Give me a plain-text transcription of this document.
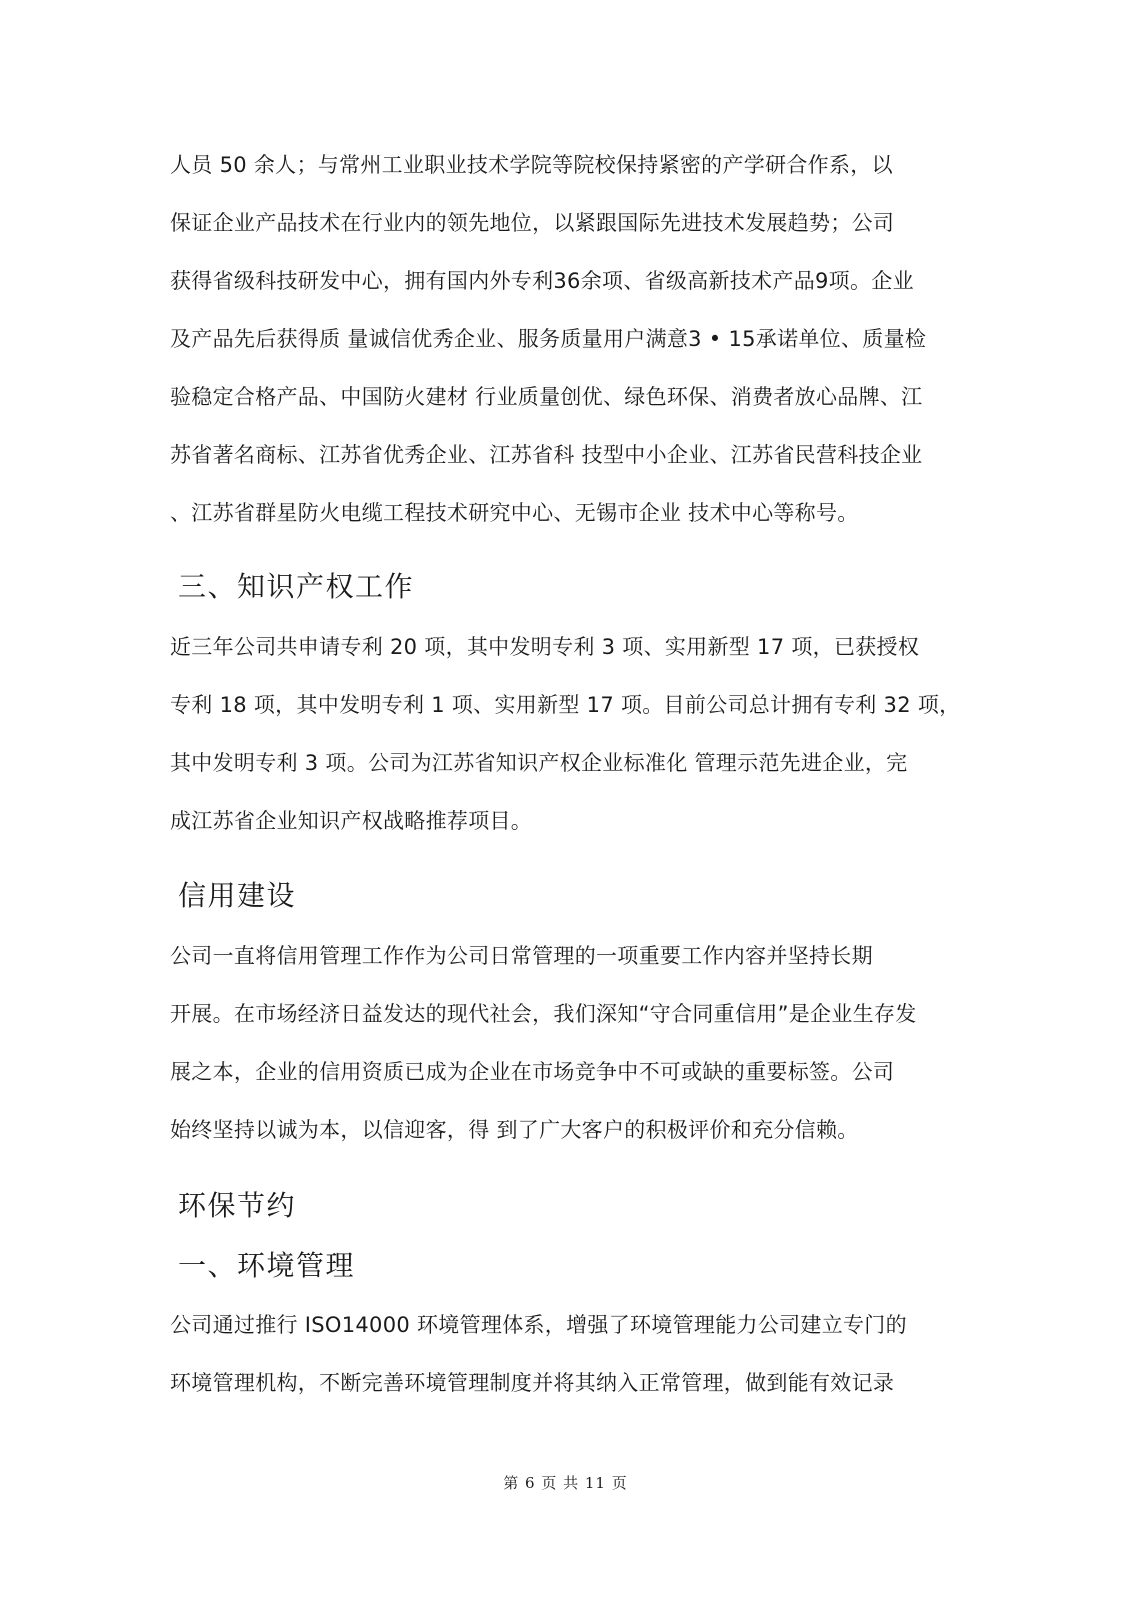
人员 50 余人；与常州工业职业技术学院等院校保持紧密的产学研合作系，以
保证企业产品技术在行业内的领先地位，以紧跟国际先进技术发展趋势；公司
获得省级科技研发中心，拥有国内外专利36余项、省级高新技术产品9项。企业
及产品先后获得质 量诚信优秀企业、服务质量用户满意3 • 15承诺单位、质量检
验稳定合格产品、中国防火建材 行业质量创优、绿色环保、消费者放心品牌、江
苏省著名商标、江苏省优秀企业、江苏省科 技型中小企业、江苏省民营科技企业
、江苏省群星防火电缆工程技术研究中心、无锡市企业 技术中心等称号。
三、知识产权工作
近三年公司共申请专利 20 项，其中发明专利 3 项、实用新型 17 项，已获授权
专利 18 项，其中发明专利 1 项、实用新型 17 项。目前公司总计拥有专利 32 项，
其中发明专利 3 项。公司为江苏省知识产权企业标准化 管理示范先进企业，完
成江苏省企业知识产权战略推荐项目。
信用建设
公司一直将信用管理工作作为公司日常管理的一项重要工作内容并坚持长期
开展。在市场经济日益发达的现代社会，我们深知“守合同重信用”是企业生存发
展之本，企业的信用资质已成为企业在市场竞争中不可或缺的重要标签。公司
始终坚持以诚为本，以信迎客，得 到了广大客户的积极评价和充分信赖。
环保节约
一、环境管理
公司通过推行 ISO14000 环境管理体系，增强了环境管理能力公司建立专门的
环境管理机构，不断完善环境管理制度并将其纳入正常管理，做到能有效记录
第 6 页 共 11 页
